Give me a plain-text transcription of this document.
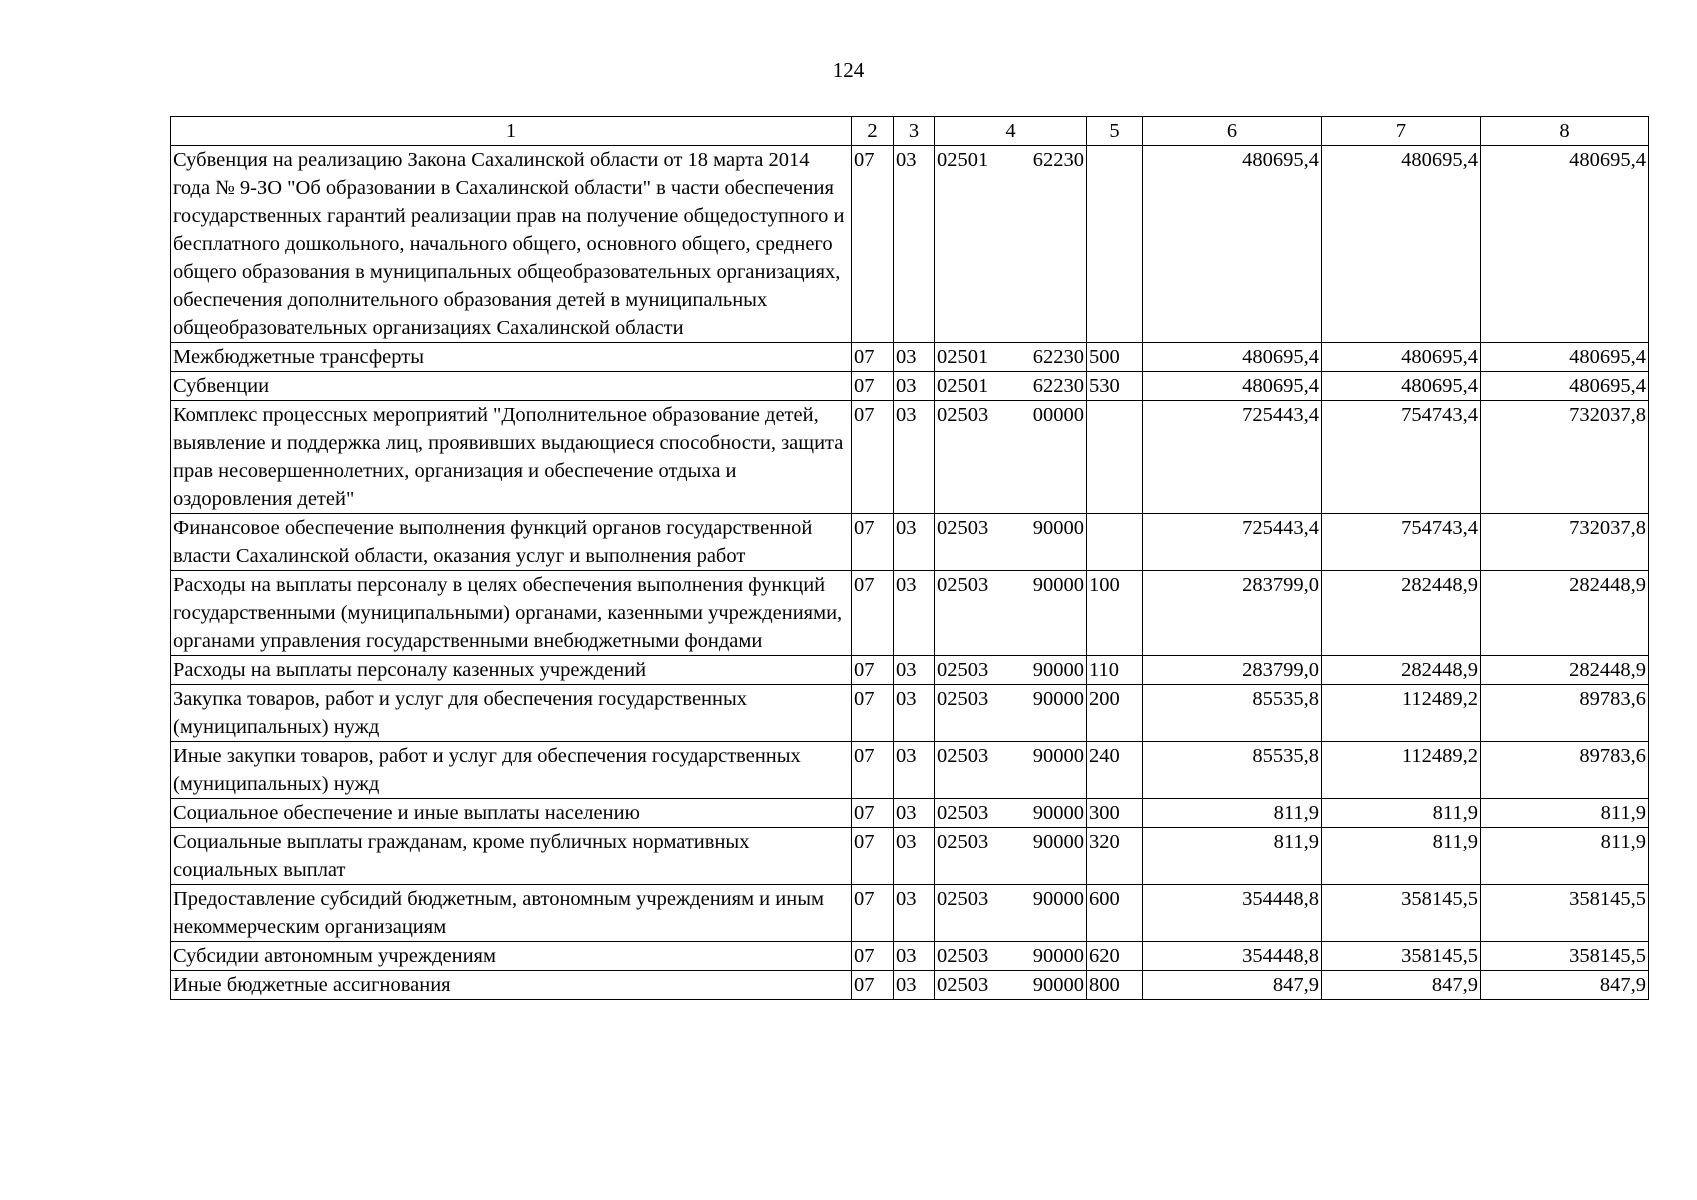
124
1	2	3	4		5	6	7	8
Субвенция на реализацию Закона Сахалинской области от 18 марта 2014 года № 9-ЗО "Об образовании в Сахалинской области" в части обеспечения государственных гарантий реализации прав на получение общедоступного и бесплатного дошкольного, начального общего, основного общего, среднего общего образования в муниципальных общеобразовательных организациях, обеспечения дополнительного образования детей в муниципальных общеобразовательных организациях Сахалинской области	07	03	02501	62230		480695,4	480695,4	480695,4
Межбюджетные трансферты	07	03	02501	62230	500	480695,4	480695,4	480695,4
Субвенции	07	03	02501	62230	530	480695,4	480695,4	480695,4
Комплекс процессных мероприятий "Дополнительное образование детей, выявление и поддержка лиц, проявивших выдающиеся способности, защита прав несовершеннолетних, организация и обеспечение отдыха и оздоровления детей"	07	03	02503	00000		725443,4	754743,4	732037,8
Финансовое обеспечение выполнения функций органов государственной власти Сахалинской области, оказания услуг и выполнения работ	07	03	02503	90000		725443,4	754743,4	732037,8
Расходы на выплаты персоналу в целях обеспечения выполнения функций государственными (муниципальными) органами, казенными учреждениями, органами управления государственными внебюджетными фондами	07	03	02503	90000	100	283799,0	282448,9	282448,9
Расходы на выплаты персоналу казенных учреждений	07	03	02503	90000	110	283799,0	282448,9	282448,9
Закупка товаров, работ и услуг для обеспечения государственных (муниципальных) нужд	07	03	02503	90000	200	85535,8	112489,2	89783,6
Иные закупки товаров, работ и услуг для обеспечения государственных (муниципальных) нужд	07	03	02503	90000	240	85535,8	112489,2	89783,6
Социальное обеспечение и иные выплаты населению	07	03	02503	90000	300	811,9	811,9	811,9
Социальные выплаты гражданам, кроме публичных нормативных социальных выплат	07	03	02503	90000	320	811,9	811,9	811,9
Предоставление субсидий бюджетным, автономным учреждениям и иным некоммерческим организациям	07	03	02503	90000	600	354448,8	358145,5	358145,5
Субсидии автономным учреждениям	07	03	02503	90000	620	354448,8	358145,5	358145,5
Иные бюджетные ассигнования	07	03	02503	90000	800	847,9	847,9	847,9
